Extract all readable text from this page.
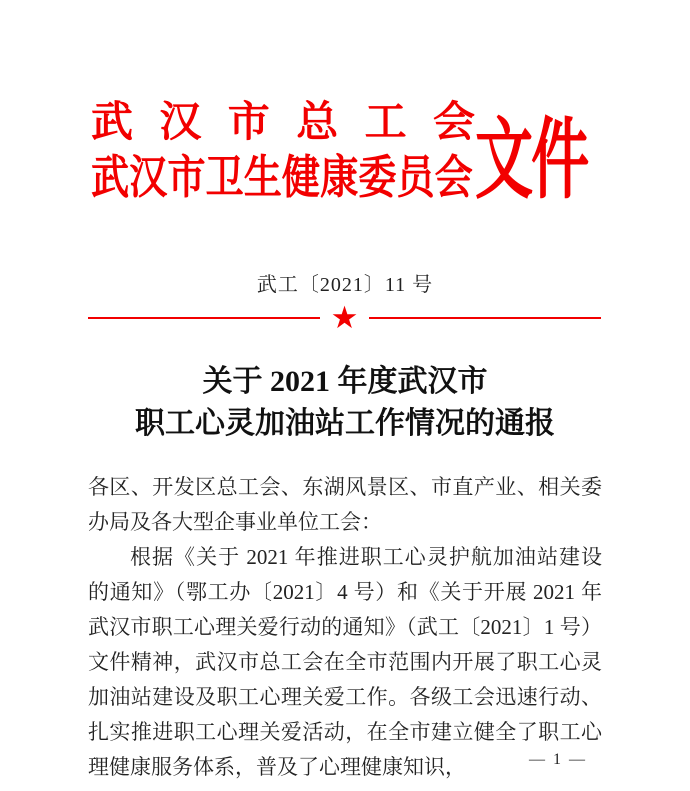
武 汉 市 总 工 会
武汉市卫生健康委员会 文件
武工〔2021〕11 号
★
关于 2021 年度武汉市
职工心灵加油站工作情况的通报

各区、开发区总工会、东湖风景区、市直产业、相关委办局及各大型企事业单位工会：

根据《关于 2021 年推进职工心灵护航加油站建设的通知》（鄂工办〔2021〕4 号）和《关于开展 2021 年武汉市职工心理关爱行动的通知》（武工〔2021〕1 号）文件精神，武汉市总工会在全市范围内开展了职工心灵加油站建设及职工心理关爱工作。各级工会迅速行动、扎实推进职工心理关爱活动，在全市建立健全了职工心理健康服务体系，普及了心理健康知识，	— 1 —
